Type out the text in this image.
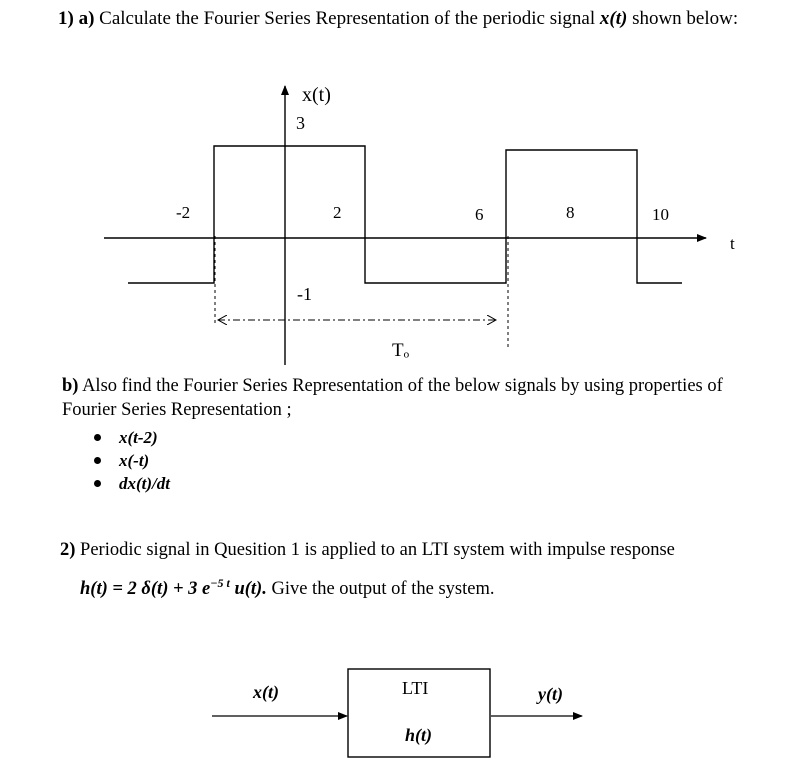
1) a) Calculate the Fourier Series Representation of the periodic signal x(t) shown below:
x(t)
3
-1
-2	2	6	8	10
t
Tₒ
b) Also find the Fourier Series Representation of the below signals by using properties of
Fourier Series Representation ;
x(t-2)
x(-t)
dx(t)/dt
2) Periodic signal in Quesition 1 is applied to an LTI system with impulse response
h(t) = 2 δ(t) + 3 $e^{-5 t}$ u(t). Give the output of the system.
x(t)	LTI
h(t)
y(t)
